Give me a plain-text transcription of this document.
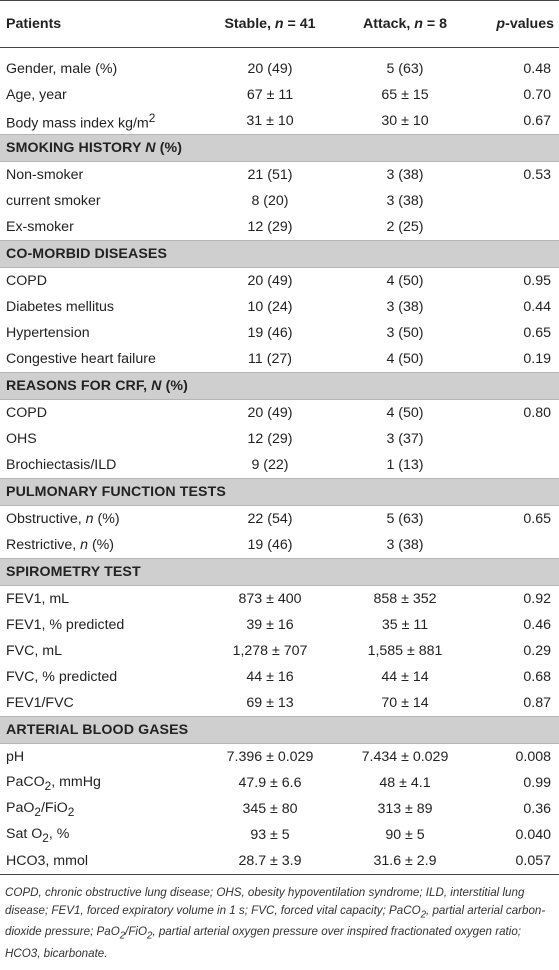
Patients	Stable, n = 41	Attack, n = 8	p-values

Gender, male (%)	20 (49)	5 (63)	0.48
Age, year	67 ± 11	65 ± 15	0.70
Body mass index $kg/m^2$	31 ± 10	30 ± 10	0.67
SMOKING HISTORY N (%)			
Non-smoker	21 (51)	3 (38)	0.53
current smoker	8 (20)	3 (38)	
Ex-smoker	12 (29)	2 (25)	
CO-MORBID DISEASES			
COPD	20 (49)	4 (50)	0.95
Diabetes mellitus	10 (24)	3 (38)	0.44
Hypertension	19 (46)	3 (50)	0.65
Congestive heart failure	11 (27)	4 (50)	0.19
REASONS FOR CRF, N (%)			
COPD	20 (49)	4 (50)	0.80
OHS	12 (29)	3 (37)	
Brochiectasis/ILD	9 (22)	1 (13)	
PULMONARY FUNCTION TESTS			
Obstructive, n (%)	22 (54)	5 (63)	0.65
Restrictive, n (%)	19 (46)	3 (38)	
SPIROMETRY TEST			
FEV1, mL	873 ± 400	858 ± 352	0.92
FEV1, % predicted	39 ± 16	35 ± 11	0.46
FVC, mL	1,278 ± 707	1,585 ± 881	0.29
FVC, % predicted	44 ± 16	44 ± 14	0.68
FEV1/FVC	69 ± 13	70 ± 14	0.87
ARTERIAL BLOOD GASES			
pH	7.396 ± 0.029	7.434 ± 0.029	0.008
PaCO$_2$, mmHg	47.9 ± 6.6	48 ± 4.1	0.99
PaO$_2$/FiO$_2$	345 ± 80	313 ± 89	0.36
Sat $O_2$, %	93 ± 5	90 ± 5	0.040
HCO3, mmol	28.7 ± 3.9	31.6 ± 2.9	0.057

COPD, chronic obstructive lung disease; OHS, obesity hypoventilation syndrome; ILD, interstitial lung disease; FEV1, forced expiratory volume in 1 s; FVC, forced vital capacity; PaCO$_2$, partial arterial carbon-dioxide pressure; PaO$_2$/FiO$_2$, partial arterial oxygen pressure over inspired fractionated oxygen ratio; HCO3, bicarbonate.
